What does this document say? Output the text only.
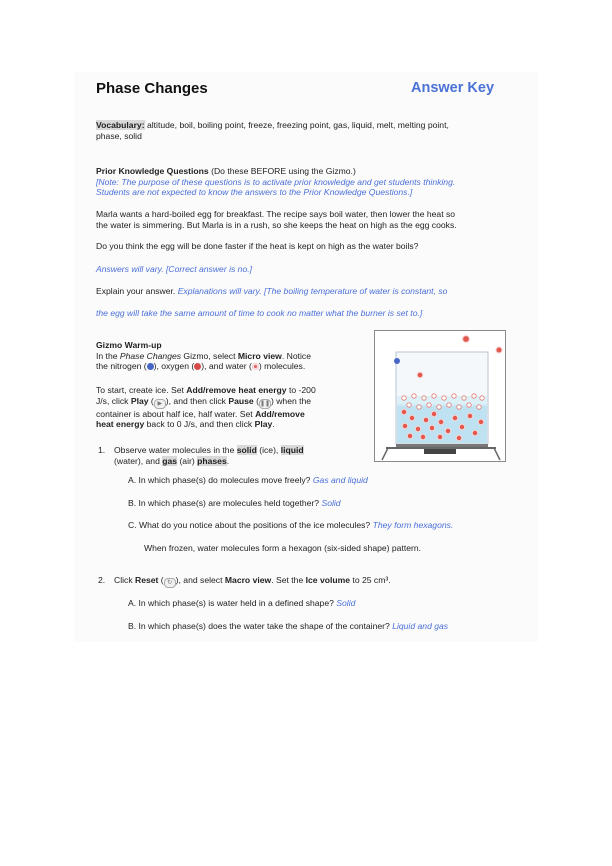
Phase Changes	Answer Key
Vocabulary: altitude, boil, boiling point, freeze, freezing point, gas, liquid, melt, melting point,
phase, solid
Prior Knowledge Questions (Do these BEFORE using the Gizmo.)
[Note: The purpose of these questions is to activate prior knowledge and get students thinking.
Students are not expected to know the answers to the Prior Knowledge Questions.]
Marla wants a hard-boiled egg for breakfast. The recipe says boil water, then lower the heat so
the water is simmering. But Marla is in a rush, so she keeps the heat on high as the egg cooks.
Do you think the egg will be done faster if the heat is kept on high as the water boils?
Answers will vary. [Correct answer is no.]
Explain your answer. Explanations will vary. [The boiling temperature of water is constant, so
the egg will take the same amount of time to cook no matter what the burner is set to.]
Gizmo Warm-up
In the Phase Changes Gizmo, select Micro view. Notice
the nitrogen ( ), oxygen ( ), and water ( ) molecules.
To start, create ice. Set Add/remove heat energy to -200
J/s, click Play ( ▶ ), and then click Pause (❚❚) when the
container is about half ice, half water. Set Add/remove
heat energy back to 0 J/s, and then click Play.
1. Observe water molecules in the solid (ice), liquid
(water), and gas (air) phases.
A. In which phase(s) do molecules move freely? Gas and liquid
B. In which phase(s) are molecules held together? Solid
C. What do you notice about the positions of the ice molecules? They form hexagons.
When frozen, water molecules form a hexagon (six-sided shape) pattern.
2. Click Reset ( ↻ ), and select Macro view. Set the Ice volume to 25 cm³.
A. In which phase(s) is water held in a defined shape? Solid
B. In which phase(s) does the water take the shape of the container? Liquid and gas
